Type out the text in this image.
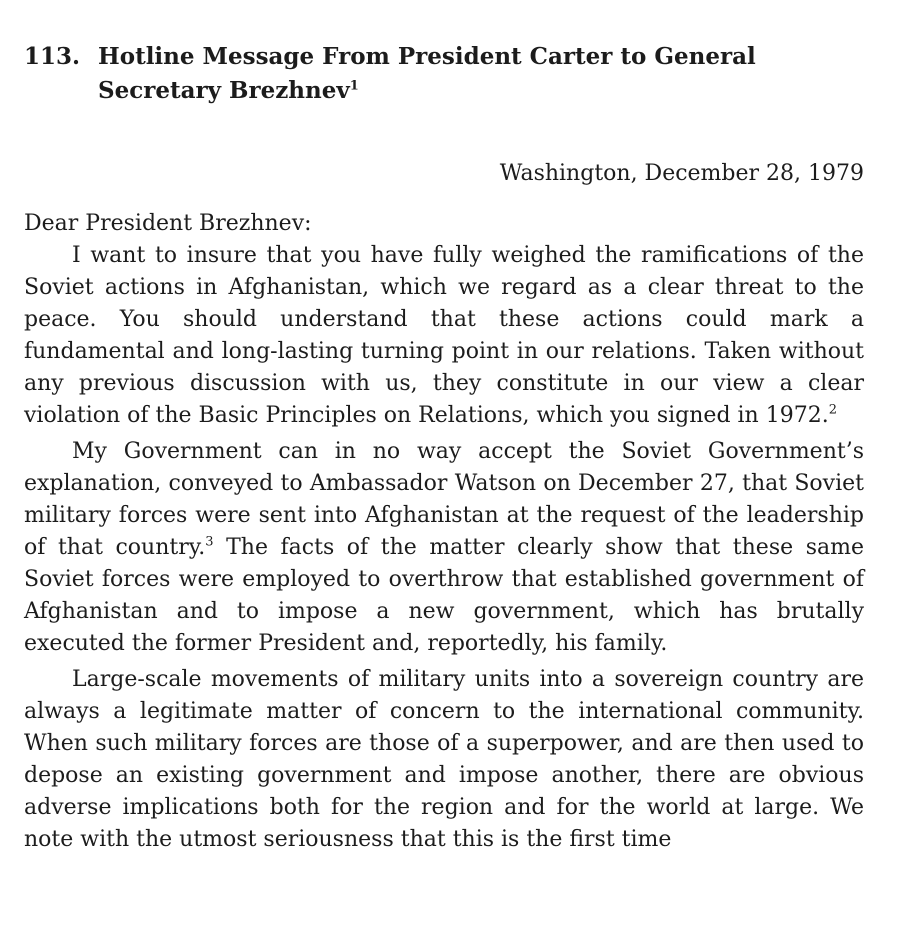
113. Hotline Message From President Carter to General Secretary Brezhnev$^1$
Washington, December 28, 1979
Dear President Brezhnev:

I want to insure that you have fully weighed the ramifications of the Soviet actions in Afghanistan, which we regard as a clear threat to the peace. You should understand that these actions could mark a fundamental and long-lasting turning point in our relations. Taken without any previous discussion with us, they constitute in our view a clear violation of the Basic Principles on Relations, which you signed in 1972.$^2$

My Government can in no way accept the Soviet Government’s explanation, conveyed to Ambassador Watson on December 27, that Soviet military forces were sent into Afghanistan at the request of the leadership of that country.$^3$ The facts of the matter clearly show that these same Soviet forces were employed to overthrow that established government of Afghanistan and to impose a new government, which has brutally executed the former President and, reportedly, his family.

Large-scale movements of military units into a sovereign country are always a legitimate matter of concern to the international community. When such military forces are those of a superpower, and are then used to depose an existing government and impose another, there are obvious adverse implications both for the region and for the world at large. We note with the utmost seriousness that this is the first time
